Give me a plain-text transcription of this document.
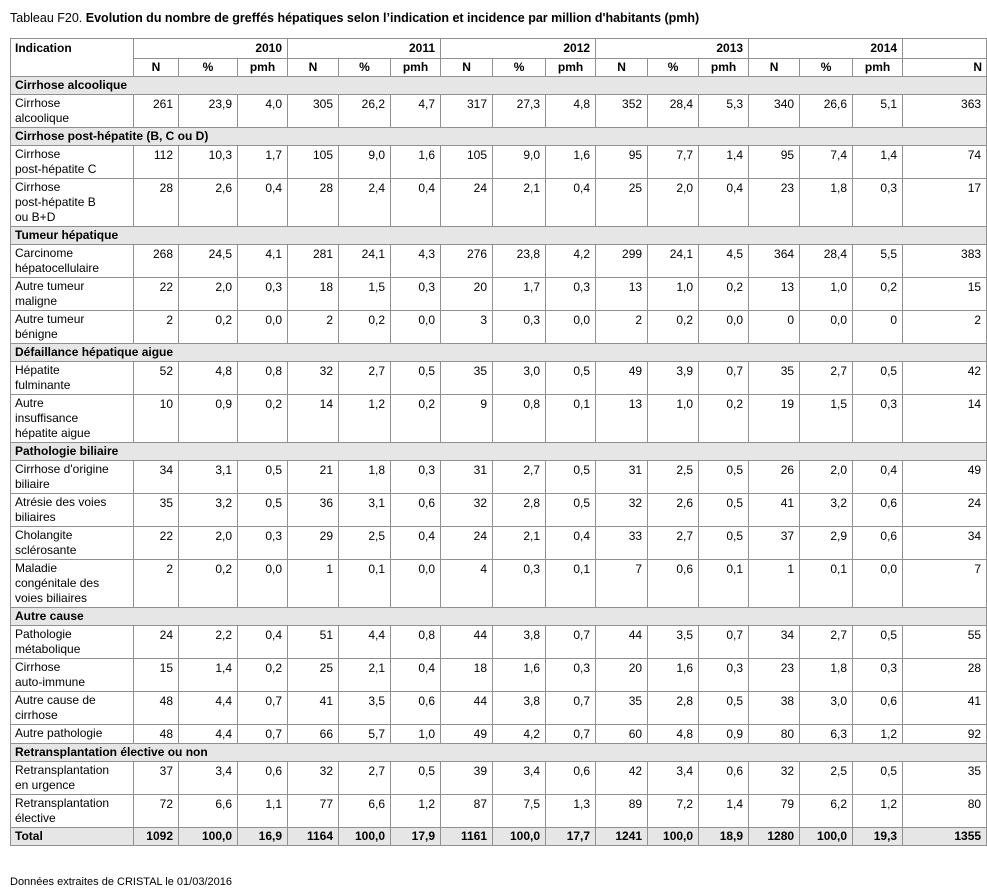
Tableau F20. Evolution du nombre de greffés hépatiques selon l’indication et incidence par million d'habitants (pmh)
Indication	2010			2011			2012			2013			2014			
	N	%	pmh	N	%	pmh	N	%	pmh	N	%	pmh	N	%	pmh	N
Cirrhose alcoolique																
Cirrhose
alcoolique	261	23,9	4,0	305	26,2	4,7	317	27,3	4,8	352	28,4	5,3	340	26,6	5,1	363
Cirrhose post-hépatite (B, C ou D)																
Cirrhose
post-hépatite C	112	10,3	1,7	105	9,0	1,6	105	9,0	1,6	95	7,7	1,4	95	7,4	1,4	74
Cirrhose
post-hépatite B
ou B+D	28	2,6	0,4	28	2,4	0,4	24	2,1	0,4	25	2,0	0,4	23	1,8	0,3	17
Tumeur hépatique																
Carcinome
hépatocellulaire	268	24,5	4,1	281	24,1	4,3	276	23,8	4,2	299	24,1	4,5	364	28,4	5,5	383
Autre tumeur
maligne	22	2,0	0,3	18	1,5	0,3	20	1,7	0,3	13	1,0	0,2	13	1,0	0,2	15
Autre tumeur
bénigne	2	0,2	0,0	2	0,2	0,0	3	0,3	0,0	2	0,2	0,0	0	0,0	0	2
Défaillance hépatique aigue																
Hépatite
fulminante	52	4,8	0,8	32	2,7	0,5	35	3,0	0,5	49	3,9	0,7	35	2,7	0,5	42
Autre
insuffisance
hépatite aigue	10	0,9	0,2	14	1,2	0,2	9	0,8	0,1	13	1,0	0,2	19	1,5	0,3	14
Pathologie biliaire																
Cirrhose d'origine
biliaire	34	3,1	0,5	21	1,8	0,3	31	2,7	0,5	31	2,5	0,5	26	2,0	0,4	49
Atrésie des voies
biliaires	35	3,2	0,5	36	3,1	0,6	32	2,8	0,5	32	2,6	0,5	41	3,2	0,6	24
Cholangite
sclérosante	22	2,0	0,3	29	2,5	0,4	24	2,1	0,4	33	2,7	0,5	37	2,9	0,6	34
Maladie
congénitale des
voies biliaires	2	0,2	0,0	1	0,1	0,0	4	0,3	0,1	7	0,6	0,1	1	0,1	0,0	7
Autre cause																
Pathologie
métabolique	24	2,2	0,4	51	4,4	0,8	44	3,8	0,7	44	3,5	0,7	34	2,7	0,5	55
Cirrhose
auto-immune	15	1,4	0,2	25	2,1	0,4	18	1,6	0,3	20	1,6	0,3	23	1,8	0,3	28
Autre cause de
cirrhose	48	4,4	0,7	41	3,5	0,6	44	3,8	0,7	35	2,8	0,5	38	3,0	0,6	41
Autre pathologie	48	4,4	0,7	66	5,7	1,0	49	4,2	0,7	60	4,8	0,9	80	6,3	1,2	92
Retransplantation élective ou non																
Retransplantation
en urgence	37	3,4	0,6	32	2,7	0,5	39	3,4	0,6	42	3,4	0,6	32	2,5	0,5	35
Retransplantation
élective	72	6,6	1,1	77	6,6	1,2	87	7,5	1,3	89	7,2	1,4	79	6,2	1,2	80
Total	1092	100,0	16,9	1164	100,0	17,9	1161	100,0	17,7	1241	100,0	18,9	1280	100,0	19,3	1355
Données extraites de CRISTAL le 01/03/2016
